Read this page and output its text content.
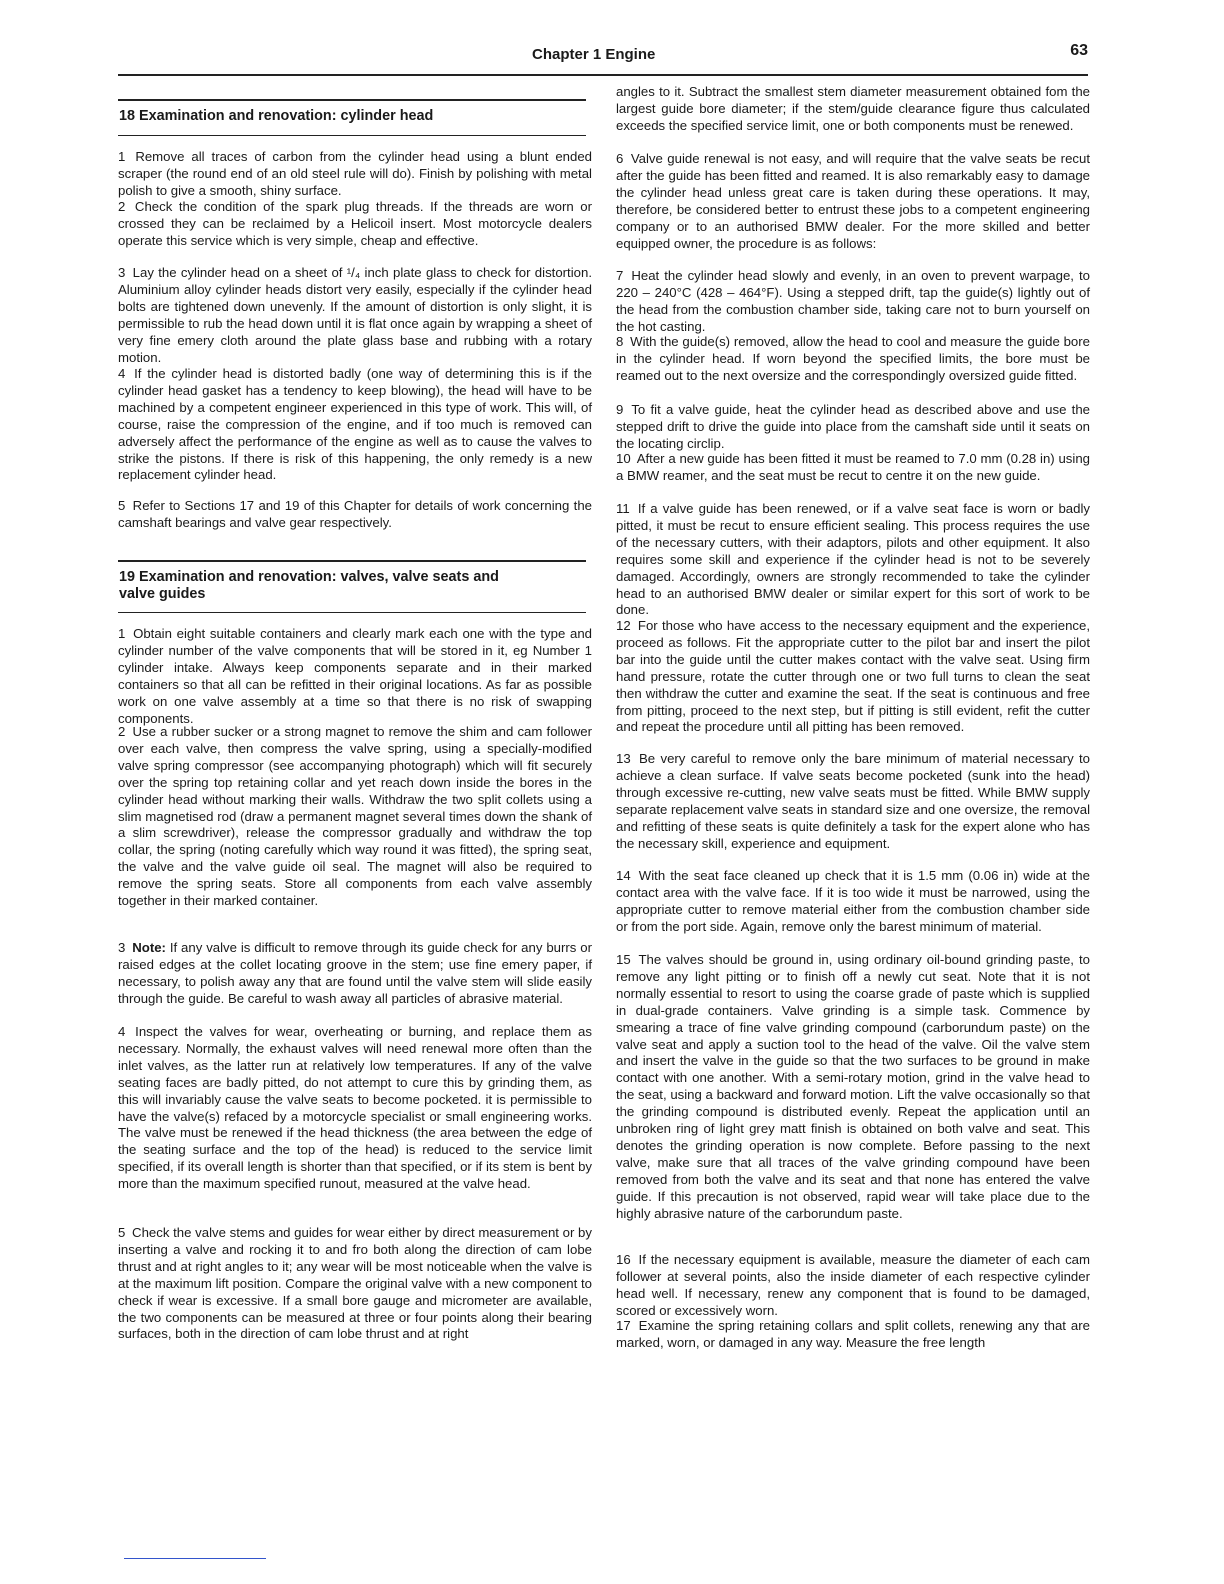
Chapter 1 Engine	63
18 Examination and renovation: cylinder head
1 Remove all traces of carbon from the cylinder head using a blunt ended scraper (the round end of an old steel rule will do). Finish by polishing with metal polish to give a smooth, shiny surface.
2 Check the condition of the spark plug threads. If the threads are worn or crossed they can be reclaimed by a Helicoil insert. Most motorcycle dealers operate this service which is very simple, cheap and effective.
3 Lay the cylinder head on a sheet of ¹/₄ inch plate glass to check for distortion. Aluminium alloy cylinder heads distort very easily, especially if the cylinder head bolts are tightened down unevenly. If the amount of distortion is only slight, it is permissible to rub the head down until it is flat once again by wrapping a sheet of very fine emery cloth around the plate glass base and rubbing with a rotary motion.
4 If the cylinder head is distorted badly (one way of determining this is if the cylinder head gasket has a tendency to keep blowing), the head will have to be machined by a competent engineer experienced in this type of work. This will, of course, raise the compression of the engine, and if too much is removed can adversely affect the performance of the engine as well as to cause the valves to strike the pistons. If there is risk of this happening, the only remedy is a new replacement cylinder head.
5 Refer to Sections 17 and 19 of this Chapter for details of work concerning the camshaft bearings and valve gear respectively.
19 Examination and renovation: valves, valve seats and
valve guides
1 Obtain eight suitable containers and clearly mark each one with the type and cylinder number of the valve components that will be stored in it, eg Number 1 cylinder intake. Always keep components separate and in their marked containers so that all can be refitted in their original locations. As far as possible work on one valve assembly at a time so that there is no risk of swapping components.
2 Use a rubber sucker or a strong magnet to remove the shim and cam follower over each valve, then compress the valve spring, using a specially-modified valve spring compressor (see accompanying photograph) which will fit securely over the spring top retaining collar and yet reach down inside the bores in the cylinder head without marking their walls. Withdraw the two split collets using a slim magnetised rod (draw a permanent magnet several times down the shank of a slim screwdriver), release the compressor gradually and withdraw the top collar, the spring (noting carefully which way round it was fitted), the spring seat, the valve and the valve guide oil seal. The magnet will also be required to remove the spring seats. Store all components from each valve assembly together in their marked container.
3 Note: If any valve is difficult to remove through its guide check for any burrs or raised edges at the collet locating groove in the stem; use fine emery paper, if necessary, to polish away any that are found until the valve stem will slide easily through the guide. Be careful to wash away all particles of abrasive material.
4 Inspect the valves for wear, overheating or burning, and replace them as necessary. Normally, the exhaust valves will need renewal more often than the inlet valves, as the latter run at relatively low temperatures. If any of the valve seating faces are badly pitted, do not attempt to cure this by grinding them, as this will invariably cause the valve seats to become pocketed. it is permissible to have the valve(s) refaced by a motorcycle specialist or small engineering works. The valve must be renewed if the head thickness (the area between the edge of the seating surface and the top of the head) is reduced to the service limit specified, if its overall length is shorter than that specified, or if its stem is bent by more than the maximum specified runout, measured at the valve head.
5 Check the valve stems and guides for wear either by direct measurement or by inserting a valve and rocking it to and fro both along the direction of cam lobe thrust and at right angles to it; any wear will be most noticeable when the valve is at the maximum lift position. Compare the original valve with a new component to check if wear is excessive. If a small bore gauge and micrometer are available, the two components can be measured at three or four points along their bearing surfaces, both in the direction of cam lobe thrust and at right
angles to it. Subtract the smallest stem diameter measurement obtained fom the largest guide bore diameter; if the stem/guide clearance figure thus calculated exceeds the specified service limit, one or both components must be renewed.
6 Valve guide renewal is not easy, and will require that the valve seats be recut after the guide has been fitted and reamed. It is also remarkably easy to damage the cylinder head unless great care is taken during these operations. It may, therefore, be considered better to entrust these jobs to a competent engineering company or to an authorised BMW dealer. For the more skilled and better equipped owner, the procedure is as follows:
7 Heat the cylinder head slowly and evenly, in an oven to prevent warpage, to 220 – 240°C (428 – 464°F). Using a stepped drift, tap the guide(s) lightly out of the head from the combustion chamber side, taking care not to burn yourself on the hot casting.
8 With the guide(s) removed, allow the head to cool and measure the guide bore in the cylinder head. If worn beyond the specified limits, the bore must be reamed out to the next oversize and the correspondingly oversized guide fitted.
9 To fit a valve guide, heat the cylinder head as described above and use the stepped drift to drive the guide into place from the camshaft side until it seats on the locating circlip.
10 After a new guide has been fitted it must be reamed to 7.0 mm (0.28 in) using a BMW reamer, and the seat must be recut to centre it on the new guide.
11 If a valve guide has been renewed, or if a valve seat face is worn or badly pitted, it must be recut to ensure efficient sealing. This process requires the use of the necessary cutters, with their adaptors, pilots and other equipment. It also requires some skill and experience if the cylinder head is not to be severely damaged. Accordingly, owners are strongly recommended to take the cylinder head to an authorised BMW dealer or similar expert for this sort of work to be done.
12 For those who have access to the necessary equipment and the experience, proceed as follows. Fit the appropriate cutter to the pilot bar and insert the pilot bar into the guide until the cutter makes contact with the valve seat. Using firm hand pressure, rotate the cutter through one or two full turns to clean the seat then withdraw the cutter and examine the seat. If the seat is continuous and free from pitting, proceed to the next step, but if pitting is still evident, refit the cutter and repeat the procedure until all pitting has been removed.
13 Be very careful to remove only the bare minimum of material necessary to achieve a clean surface. If valve seats become pocketed (sunk into the head) through excessive re-cutting, new valve seats must be fitted. While BMW supply separate replacement valve seats in standard size and one oversize, the removal and refitting of these seats is quite definitely a task for the expert alone who has the necessary skill, experience and equipment.
14 With the seat face cleaned up check that it is 1.5 mm (0.06 in) wide at the contact area with the valve face. If it is too wide it must be narrowed, using the appropriate cutter to remove material either from the combustion chamber side or from the port side. Again, remove only the barest minimum of material.
15 The valves should be ground in, using ordinary oil-bound grinding paste, to remove any light pitting or to finish off a newly cut seat. Note that it is not normally essential to resort to using the coarse grade of paste which is supplied in dual-grade containers. Valve grinding is a simple task. Commence by smearing a trace of fine valve grinding compound (carborundum paste) on the valve seat and apply a suction tool to the head of the valve. Oil the valve stem and insert the valve in the guide so that the two surfaces to be ground in make contact with one another. With a semi-rotary motion, grind in the valve head to the seat, using a backward and forward motion. Lift the valve occasionally so that the grinding compound is distributed evenly. Repeat the application until an unbroken ring of light grey matt finish is obtained on both valve and seat. This denotes the grinding operation is now complete. Before passing to the next valve, make sure that all traces of the valve grinding compound have been removed from both the valve and its seat and that none has entered the valve guide. If this precaution is not observed, rapid wear will take place due to the highly abrasive nature of the carborundum paste.
16 If the necessary equipment is available, measure the diameter of each cam follower at several points, also the inside diameter of each respective cylinder head well. If necessary, renew any component that is found to be damaged, scored or excessively worn.
17 Examine the spring retaining collars and split collets, renewing any that are marked, worn, or damaged in any way. Measure the free length
